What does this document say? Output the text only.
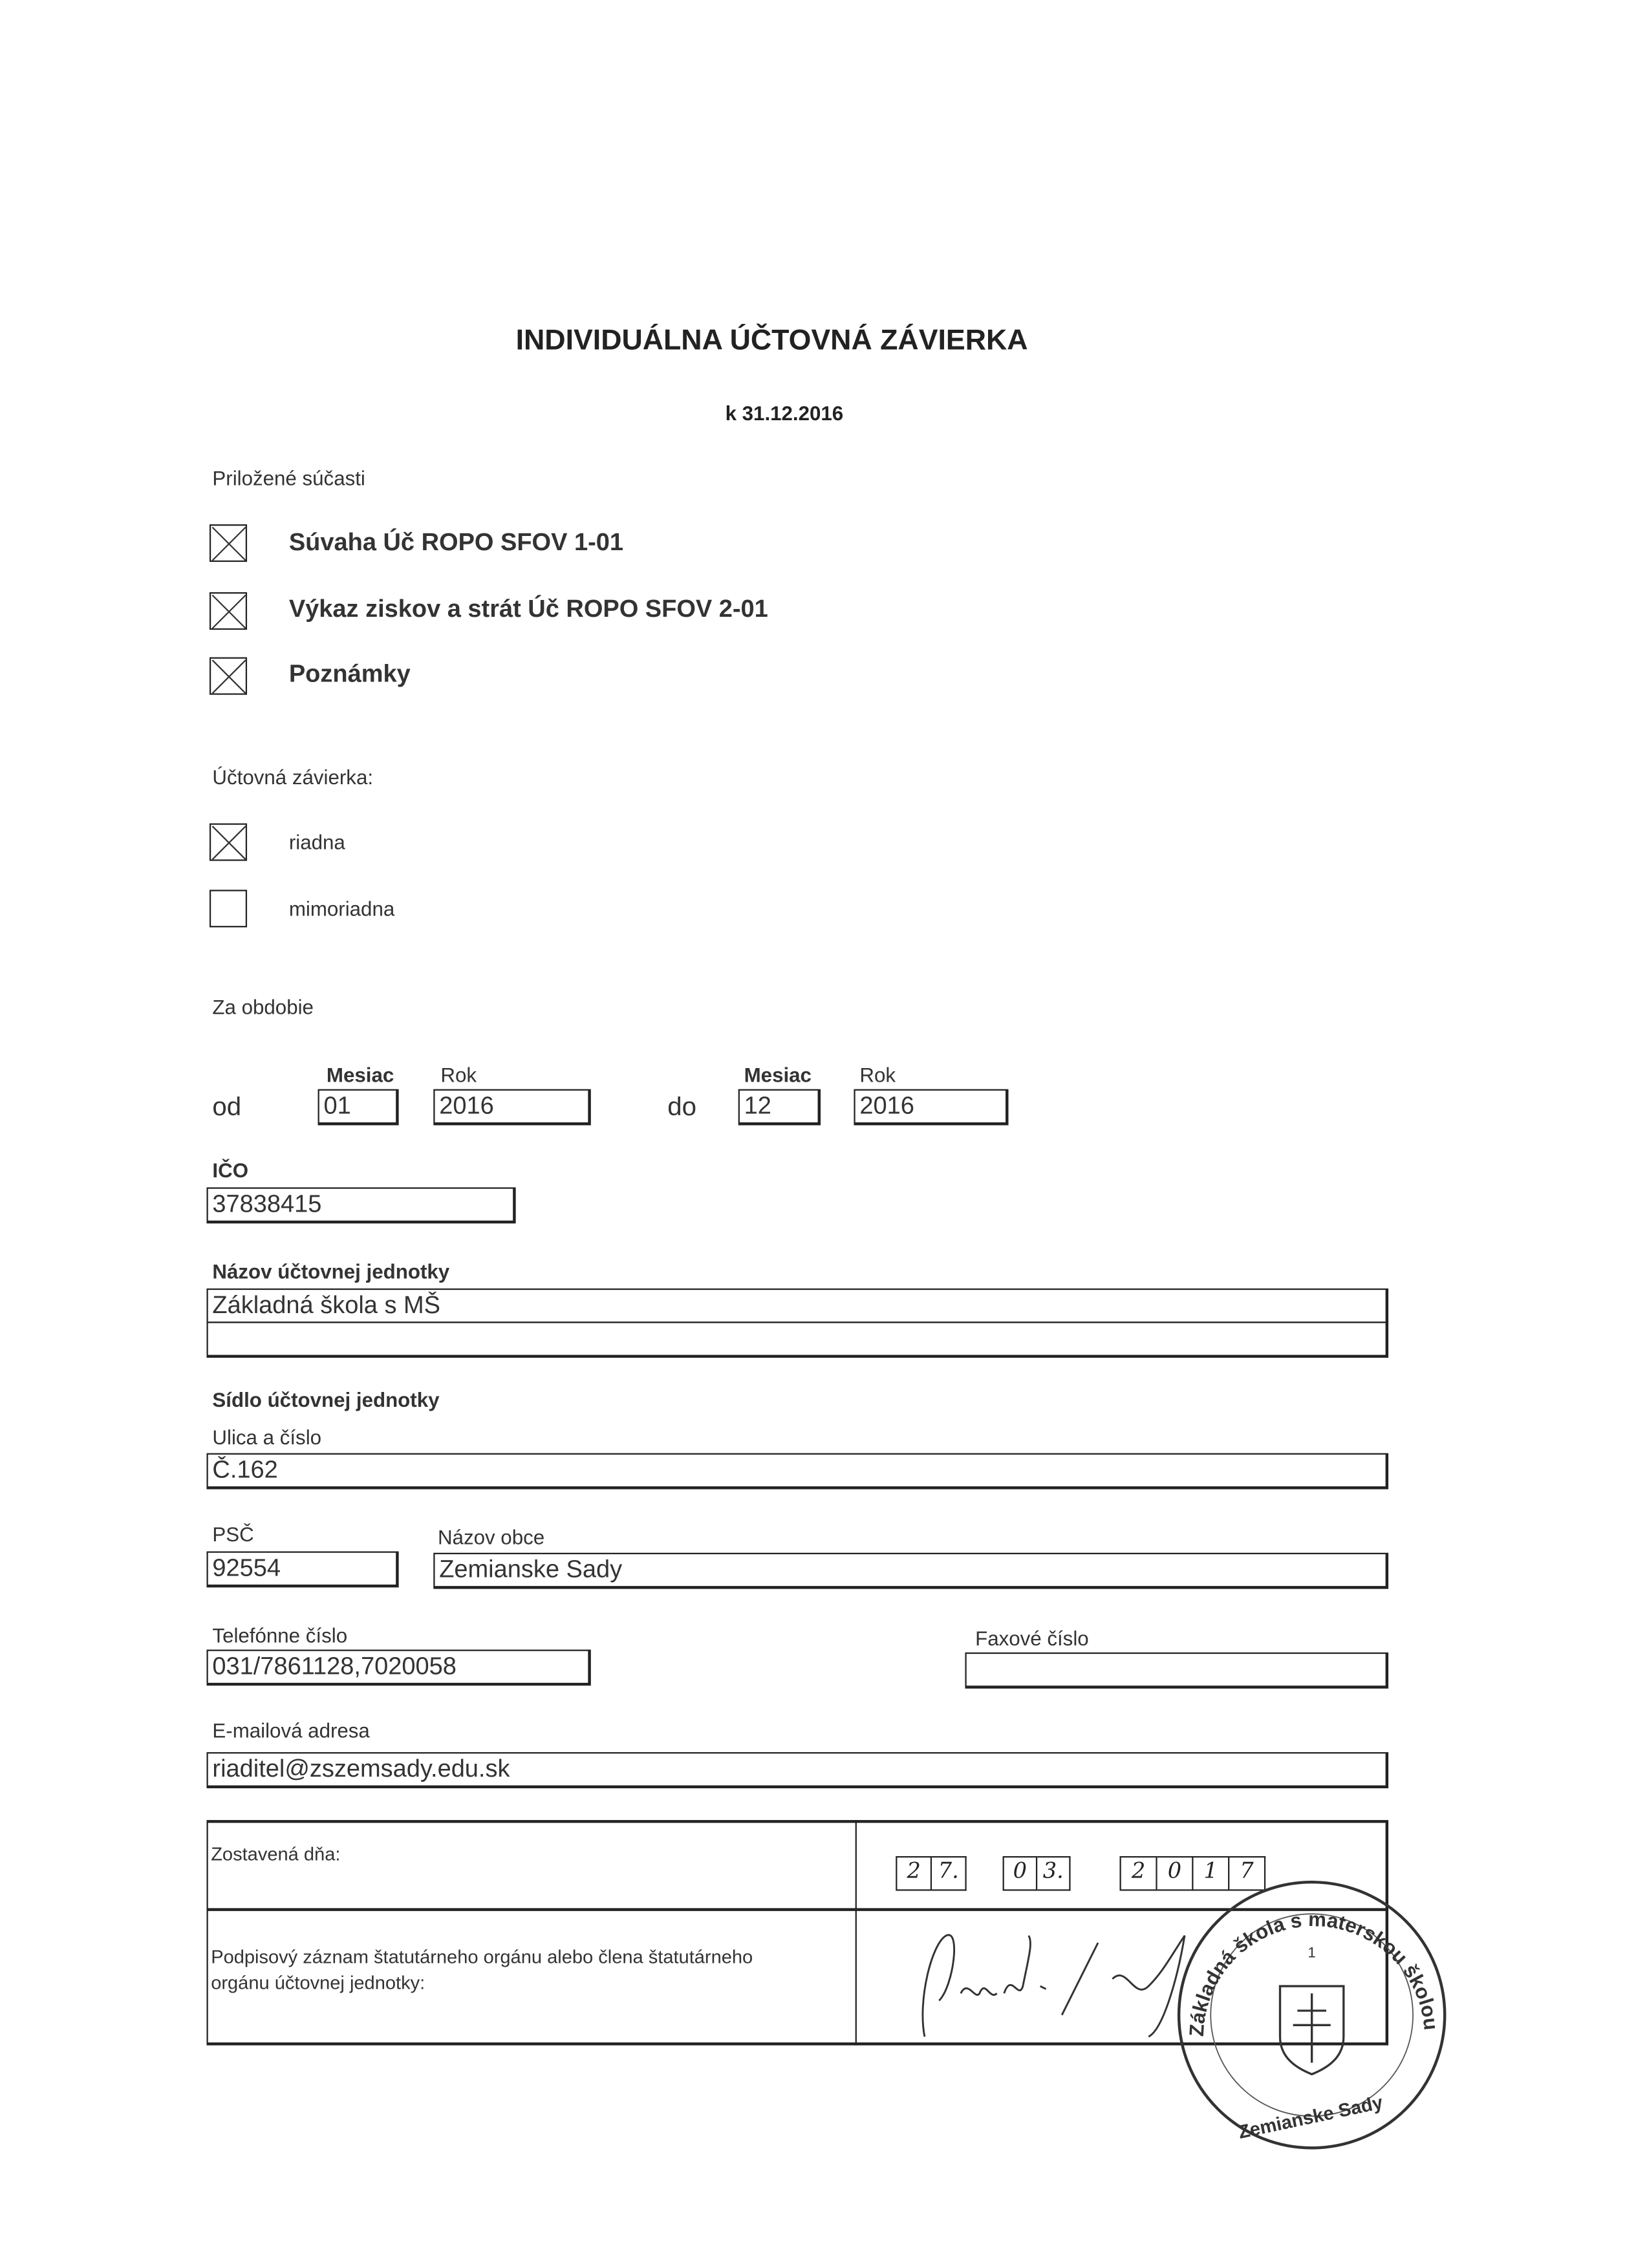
INDIVIDUÁLNA ÚČTOVNÁ ZÁVIERKA
k 31.12.2016
Priložené súčasti
Súvaha Úč ROPO SFOV 1-01
Výkaz ziskov a strát Úč ROPO SFOV 2-01
Poznámky
Účtovná závierka:
riadna
mimoriadna
Za obdobie
Mesiac	Rok
od	01	2016	do
Mesiac	Rok
12	2016
IČO
37838415
Názov účtovnej jednotky
Základná škola s MŠ
Sídlo účtovnej jednotky
Ulica a číslo
Č.162
PSČ
92554
Názov obce
Zemianske Sady
Telefónne číslo
031/7861128,7020058
Faxové číslo
E-mailová adresa
riaditel@zszemsady.edu.sk
Zostavená dňa:
2	7.	0	3.	2	0	1	7
Podpisový záznam štatutárneho orgánu alebo člena štatutárneho
orgánu účtovnej jednotky:
1
Základná škola s materskou školou
Zemianske Sady
